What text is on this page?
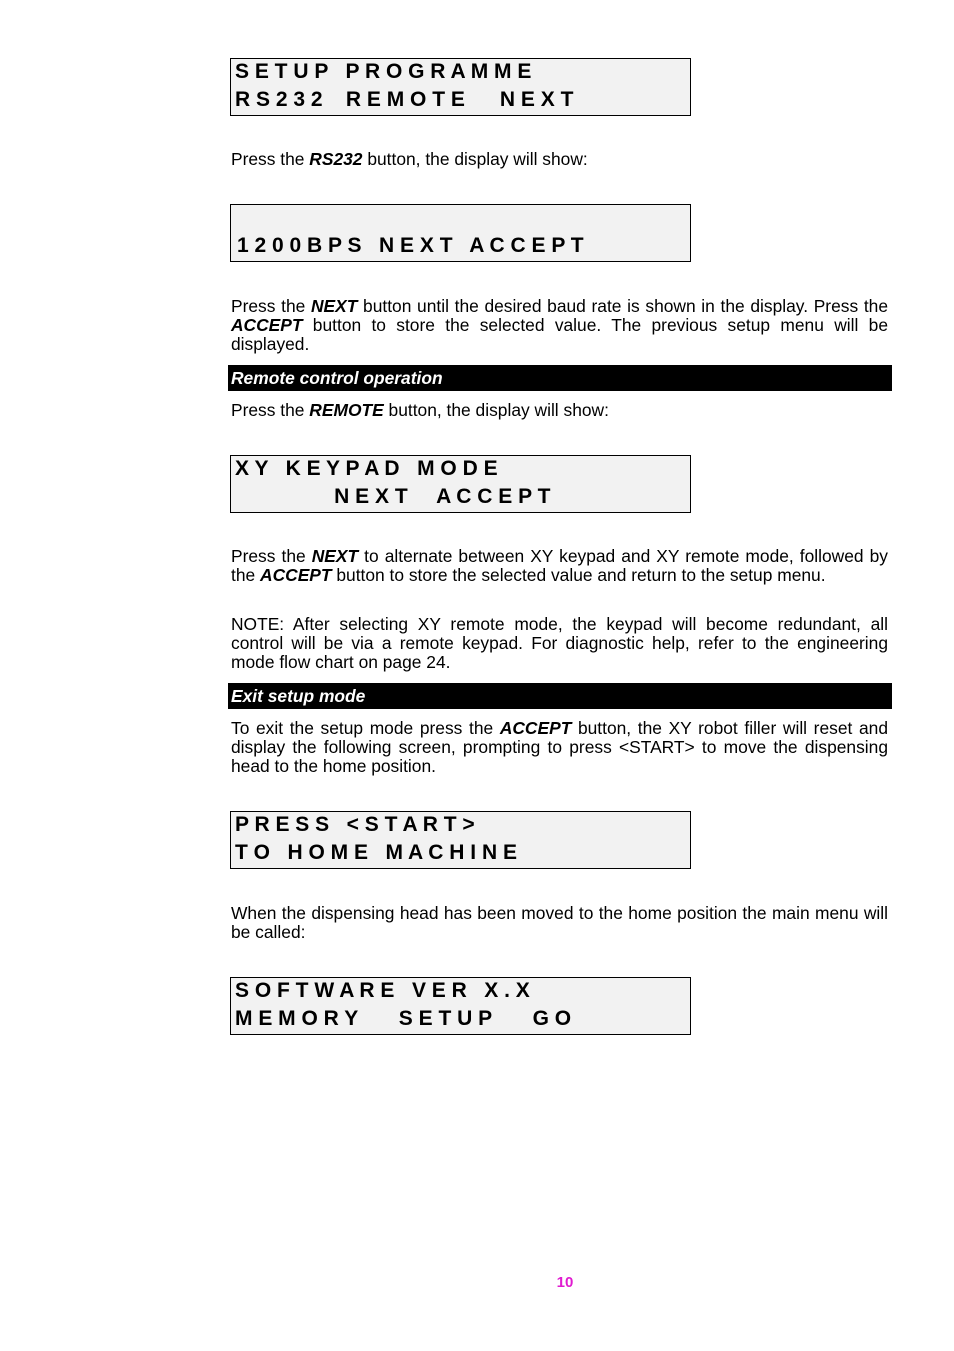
S E T U P   P R O G R A M M E
R S 2 3 2    R E M O T E      N E X T
Press the RS232 button, the display will show:
1 2 0 0 B P S   N E X T   A C C E P T
Press the NEXT button until the desired baud rate is shown in the display. Press the ACCEPT button to store the selected value. The previous setup menu will be displayed.
Remote control operation
Press the REMOTE button, the display will show:
X Y   K E Y P A D   M O D E
N E X T     A C C E P T
Press the NEXT to alternate between XY keypad and XY remote mode, followed by the ACCEPT button to store the selected value and return to the setup menu.
NOTE: After selecting XY remote mode, the keypad will become redundant, all control will be via a remote keypad. For diagnostic help, refer to the engineering mode flow chart on page 24.
Exit setup mode
To exit the setup mode press the ACCEPT button, the XY robot filler will reset and display the following screen, prompting to press <START> to move the dispensing head to the home position.
P R E S S   < S T A R T >
T O   H O M E   M A C H I N E
When the dispensing head has been moved to the home position the main menu will be called:
S O F T W A R E   V E R   X . X
M E M O R Y       S E T U P       G O
10
